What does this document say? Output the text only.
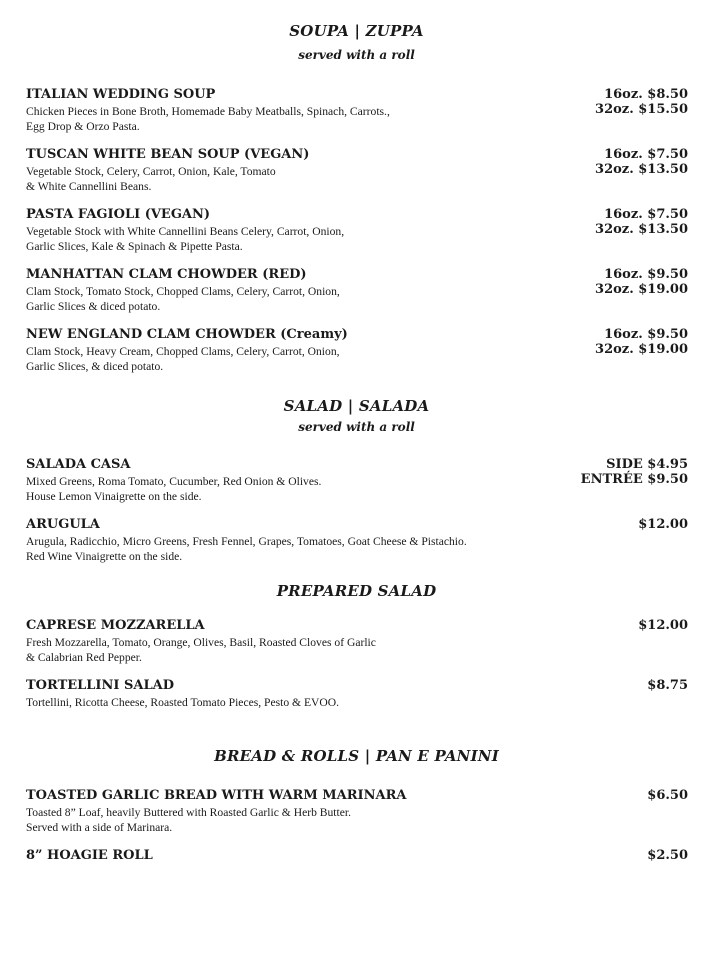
SOUPA | ZUPPA
served with a roll
ITALIAN WEDDING SOUP
Chicken Pieces in Bone Broth, Homemade Baby Meatballs, Spinach, Carrots.,
Egg Drop & Orzo Pasta.
16oz. $8.50
32oz. $15.50
TUSCAN WHITE BEAN SOUP (VEGAN)
Vegetable Stock, Celery, Carrot, Onion, Kale, Tomato
& White Cannellini Beans.
16oz. $7.50
32oz. $13.50
PASTA FAGIOLI (VEGAN)
Vegetable Stock with White Cannellini Beans Celery, Carrot, Onion,
Garlic Slices, Kale & Spinach & Pipette Pasta.
16oz. $7.50
32oz. $13.50
MANHATTAN CLAM CHOWDER (RED)
Clam Stock, Tomato Stock, Chopped Clams, Celery, Carrot, Onion,
Garlic Slices & diced potato.
16oz. $9.50
32oz. $19.00
NEW ENGLAND CLAM CHOWDER (Creamy)
Clam Stock, Heavy Cream, Chopped Clams, Celery, Carrot, Onion,
Garlic Slices, & diced potato.
16oz. $9.50
32oz. $19.00
SALAD | SALADA
served with a roll
SALADA CASA
Mixed Greens, Roma Tomato, Cucumber, Red Onion & Olives.
House Lemon Vinaigrette on the side.
SIDE $4.95
ENTRÉE $9.50
ARUGULA
Arugula, Radicchio, Micro Greens, Fresh Fennel, Grapes, Tomatoes, Goat Cheese & Pistachio.
Red Wine Vinaigrette on the side.
$12.00
PREPARED SALAD
CAPRESE MOZZARELLA
Fresh Mozzarella, Tomato, Orange, Olives, Basil, Roasted Cloves of Garlic
& Calabrian Red Pepper.
$12.00
TORTELLINI SALAD
Tortellini, Ricotta Cheese, Roasted Tomato Pieces, Pesto & EVOO.
$8.75
BREAD & ROLLS | PAN E PANINI
TOASTED GARLIC BREAD WITH WARM MARINARA
Toasted 8” Loaf, heavily Buttered with Roasted Garlic & Herb Butter.
Served with a side of Marinara.
$6.50
8” HOAGIE ROLL	$2.50
